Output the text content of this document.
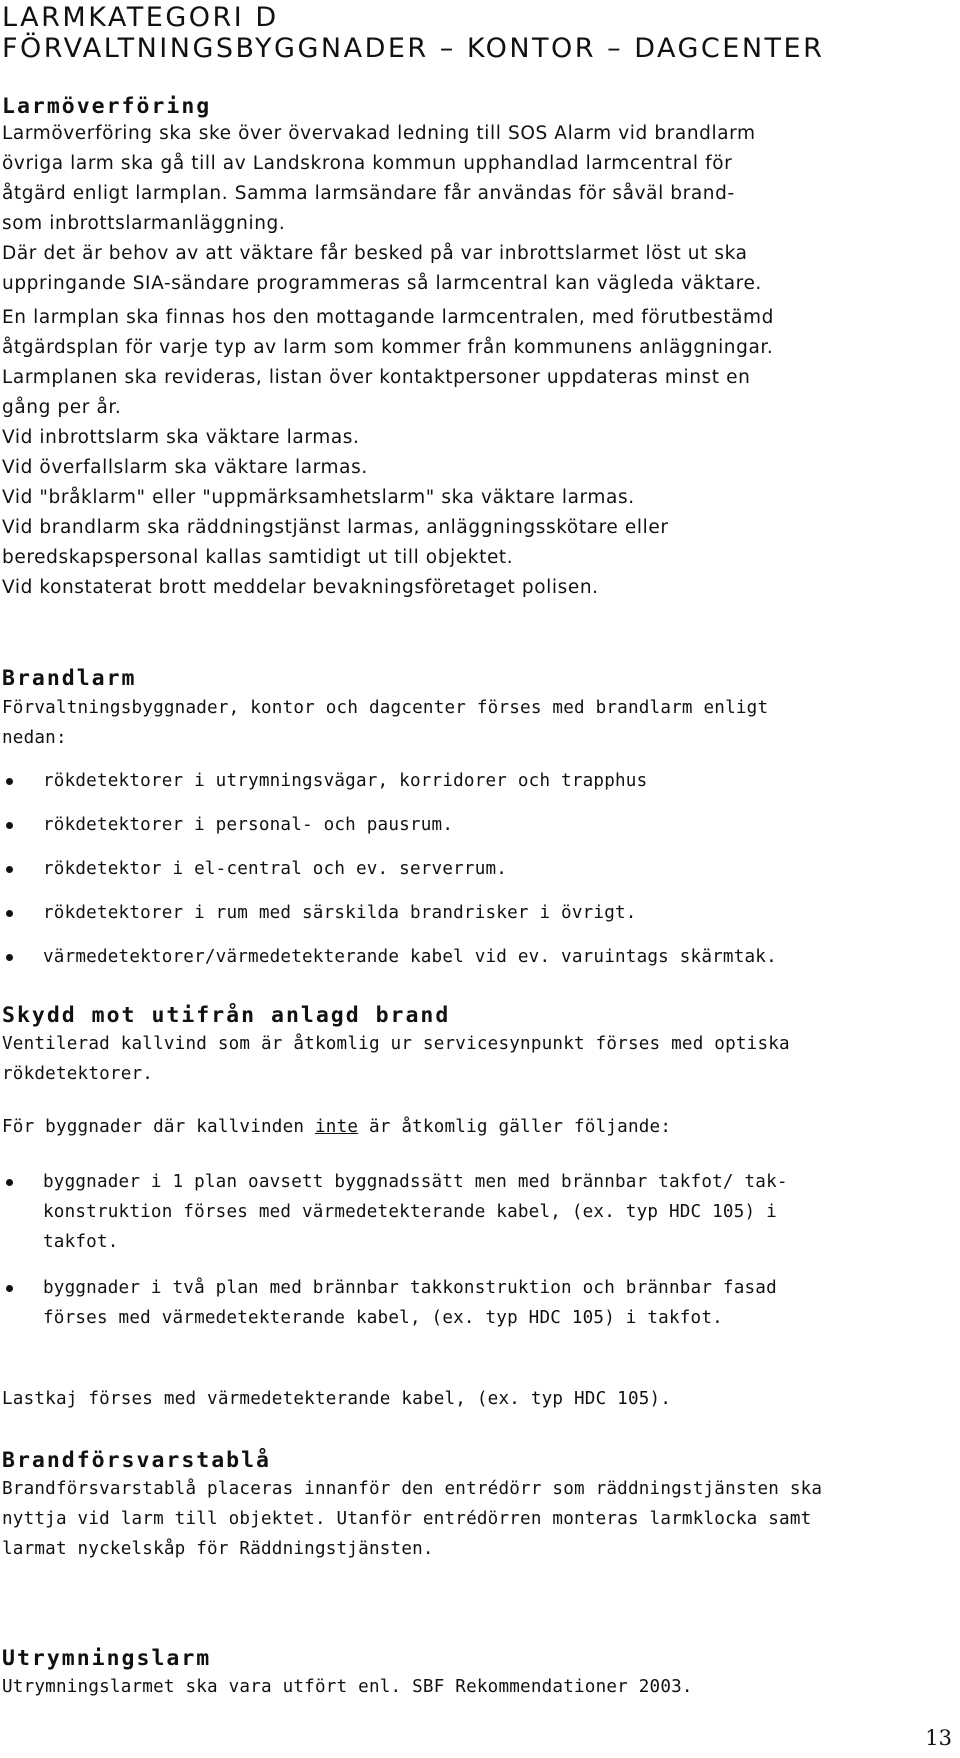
LARMKATEGORI D
FÖRVALTNINGSBYGGNADER – KONTOR – DAGCENTER
Larmöverföring
Larmöverföring ska ske över övervakad ledning till SOS Alarm vid brandlarm
övriga larm ska gå till av Landskrona kommun upphandlad larmcentral för
åtgärd enligt larmplan. Samma larmsändare får användas för såväl brand-
som inbrottslarmanläggning.
Där det är behov av att väktare får besked på var inbrottslarmet löst ut ska
uppringande SIA-sändare programmeras så larmcentral kan vägleda väktare.
En larmplan ska finnas hos den mottagande larmcentralen, med förutbestämd
åtgärdsplan för varje typ av larm som kommer från kommunens anläggningar.
Larmplanen ska revideras, listan över kontaktpersoner uppdateras minst en
gång per år.
Vid inbrottslarm ska väktare larmas.
Vid överfallslarm ska väktare larmas.
Vid "bråklarm" eller "uppmärksamhetslarm" ska väktare larmas.
Vid brandlarm ska räddningstjänst larmas, anläggningsskötare eller
beredskapspersonal kallas samtidigt ut till objektet.
Vid konstaterat brott meddelar bevakningsföretaget polisen.
Brandlarm
Förvaltningsbyggnader, kontor och dagcenter förses med brandlarm enligt
nedan:
rökdetektorer i utrymningsvägar, korridorer och trapphus
rökdetektorer i personal- och pausrum.
rökdetektor i el-central och ev. serverrum.
rökdetektorer i rum med särskilda brandrisker i övrigt.
värmedetektorer/värmedetekterande kabel vid ev. varuintags skärmtak.
Skydd mot utifrån anlagd brand
Ventilerad kallvind som är åtkomlig ur servicesynpunkt förses med optiska
rökdetektorer.
För byggnader där kallvinden inte är åtkomlig gäller följande:
byggnader i 1 plan oavsett byggnadssätt men med brännbar takfot/ tak-
konstruktion förses med värmedetekterande kabel, (ex. typ HDC 105) i
takfot.
byggnader i två plan med brännbar takkonstruktion och brännbar fasad
förses med värmedetekterande kabel, (ex. typ HDC 105) i takfot.
Lastkaj förses med värmedetekterande kabel, (ex. typ HDC 105).
Brandförsvarstablå
Brandförsvarstablå placeras innanför den entrédörr som räddningstjänsten ska
nyttja vid larm till objektet. Utanför entrédörren monteras larmklocka samt
larmat nyckelskåp för Räddningstjänsten.
Utrymningslarm
Utrymningslarmet ska vara utfört enl. SBF Rekommendationer 2003.
13
